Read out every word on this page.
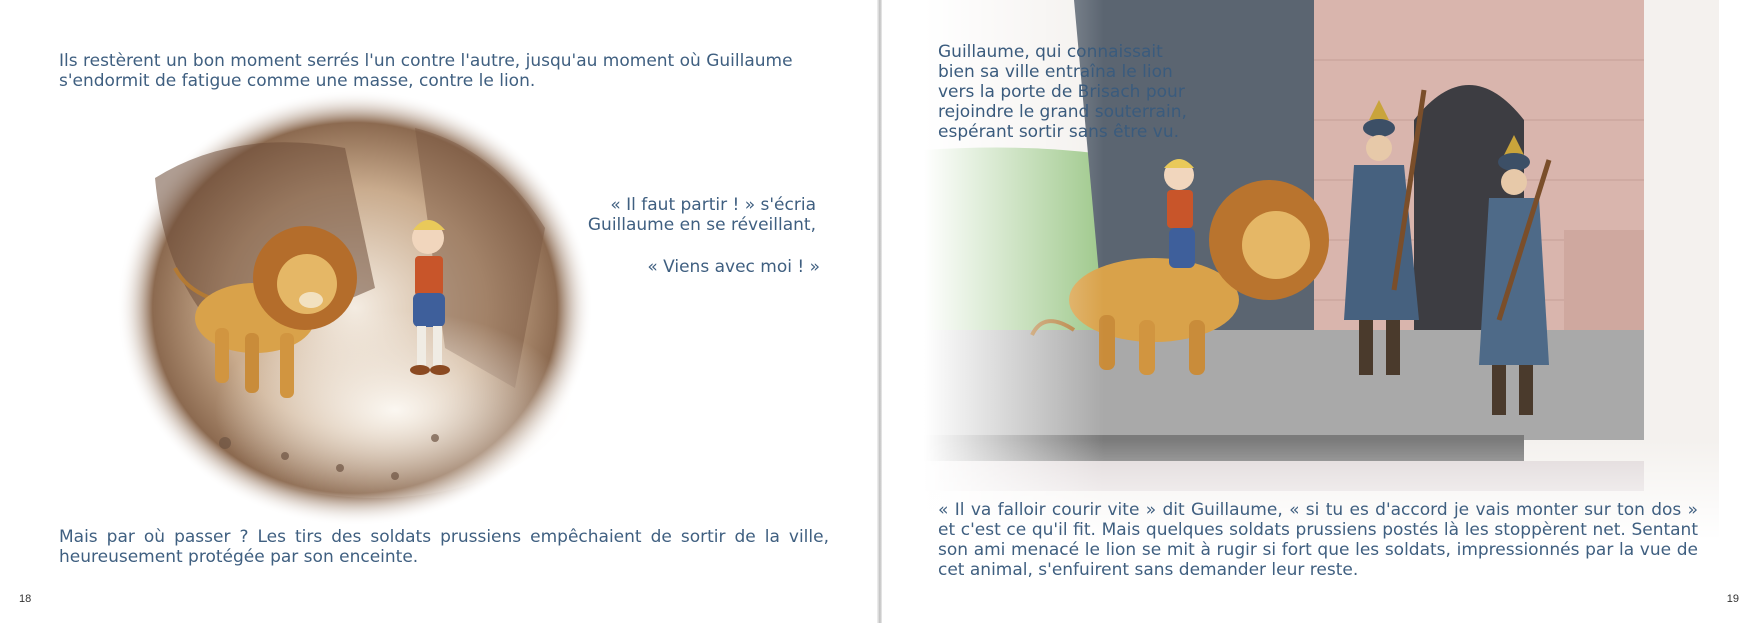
Ils restèrent un bon moment serrés l'un contre l'autre, jusqu'au moment où Guillaume s'endormit de fatigue comme une masse, contre le lion.

« Il faut partir ! » s'écria Guillaume en se réveillant,

« Viens avec moi ! »

Mais par où passer ? Les tirs des soldats prussiens empêchaient de sortir de la ville, heureusement protégée par son enceinte.

18

Guillaume, qui connaissait bien sa ville entraîna le lion vers la porte de Brisach pour rejoindre le grand souterrain, espérant sortir sans être vu.

« Il va falloir courir vite » dit Guillaume, « si tu es d'accord je vais monter sur ton dos » et c'est ce qu'il fit. Mais quelques soldats prussiens postés là les stoppèrent net. Sentant son ami menacé le lion se mit à rugir si fort que les soldats, impressionnés par la vue de cet animal, s'enfuirent sans demander leur reste.

19
